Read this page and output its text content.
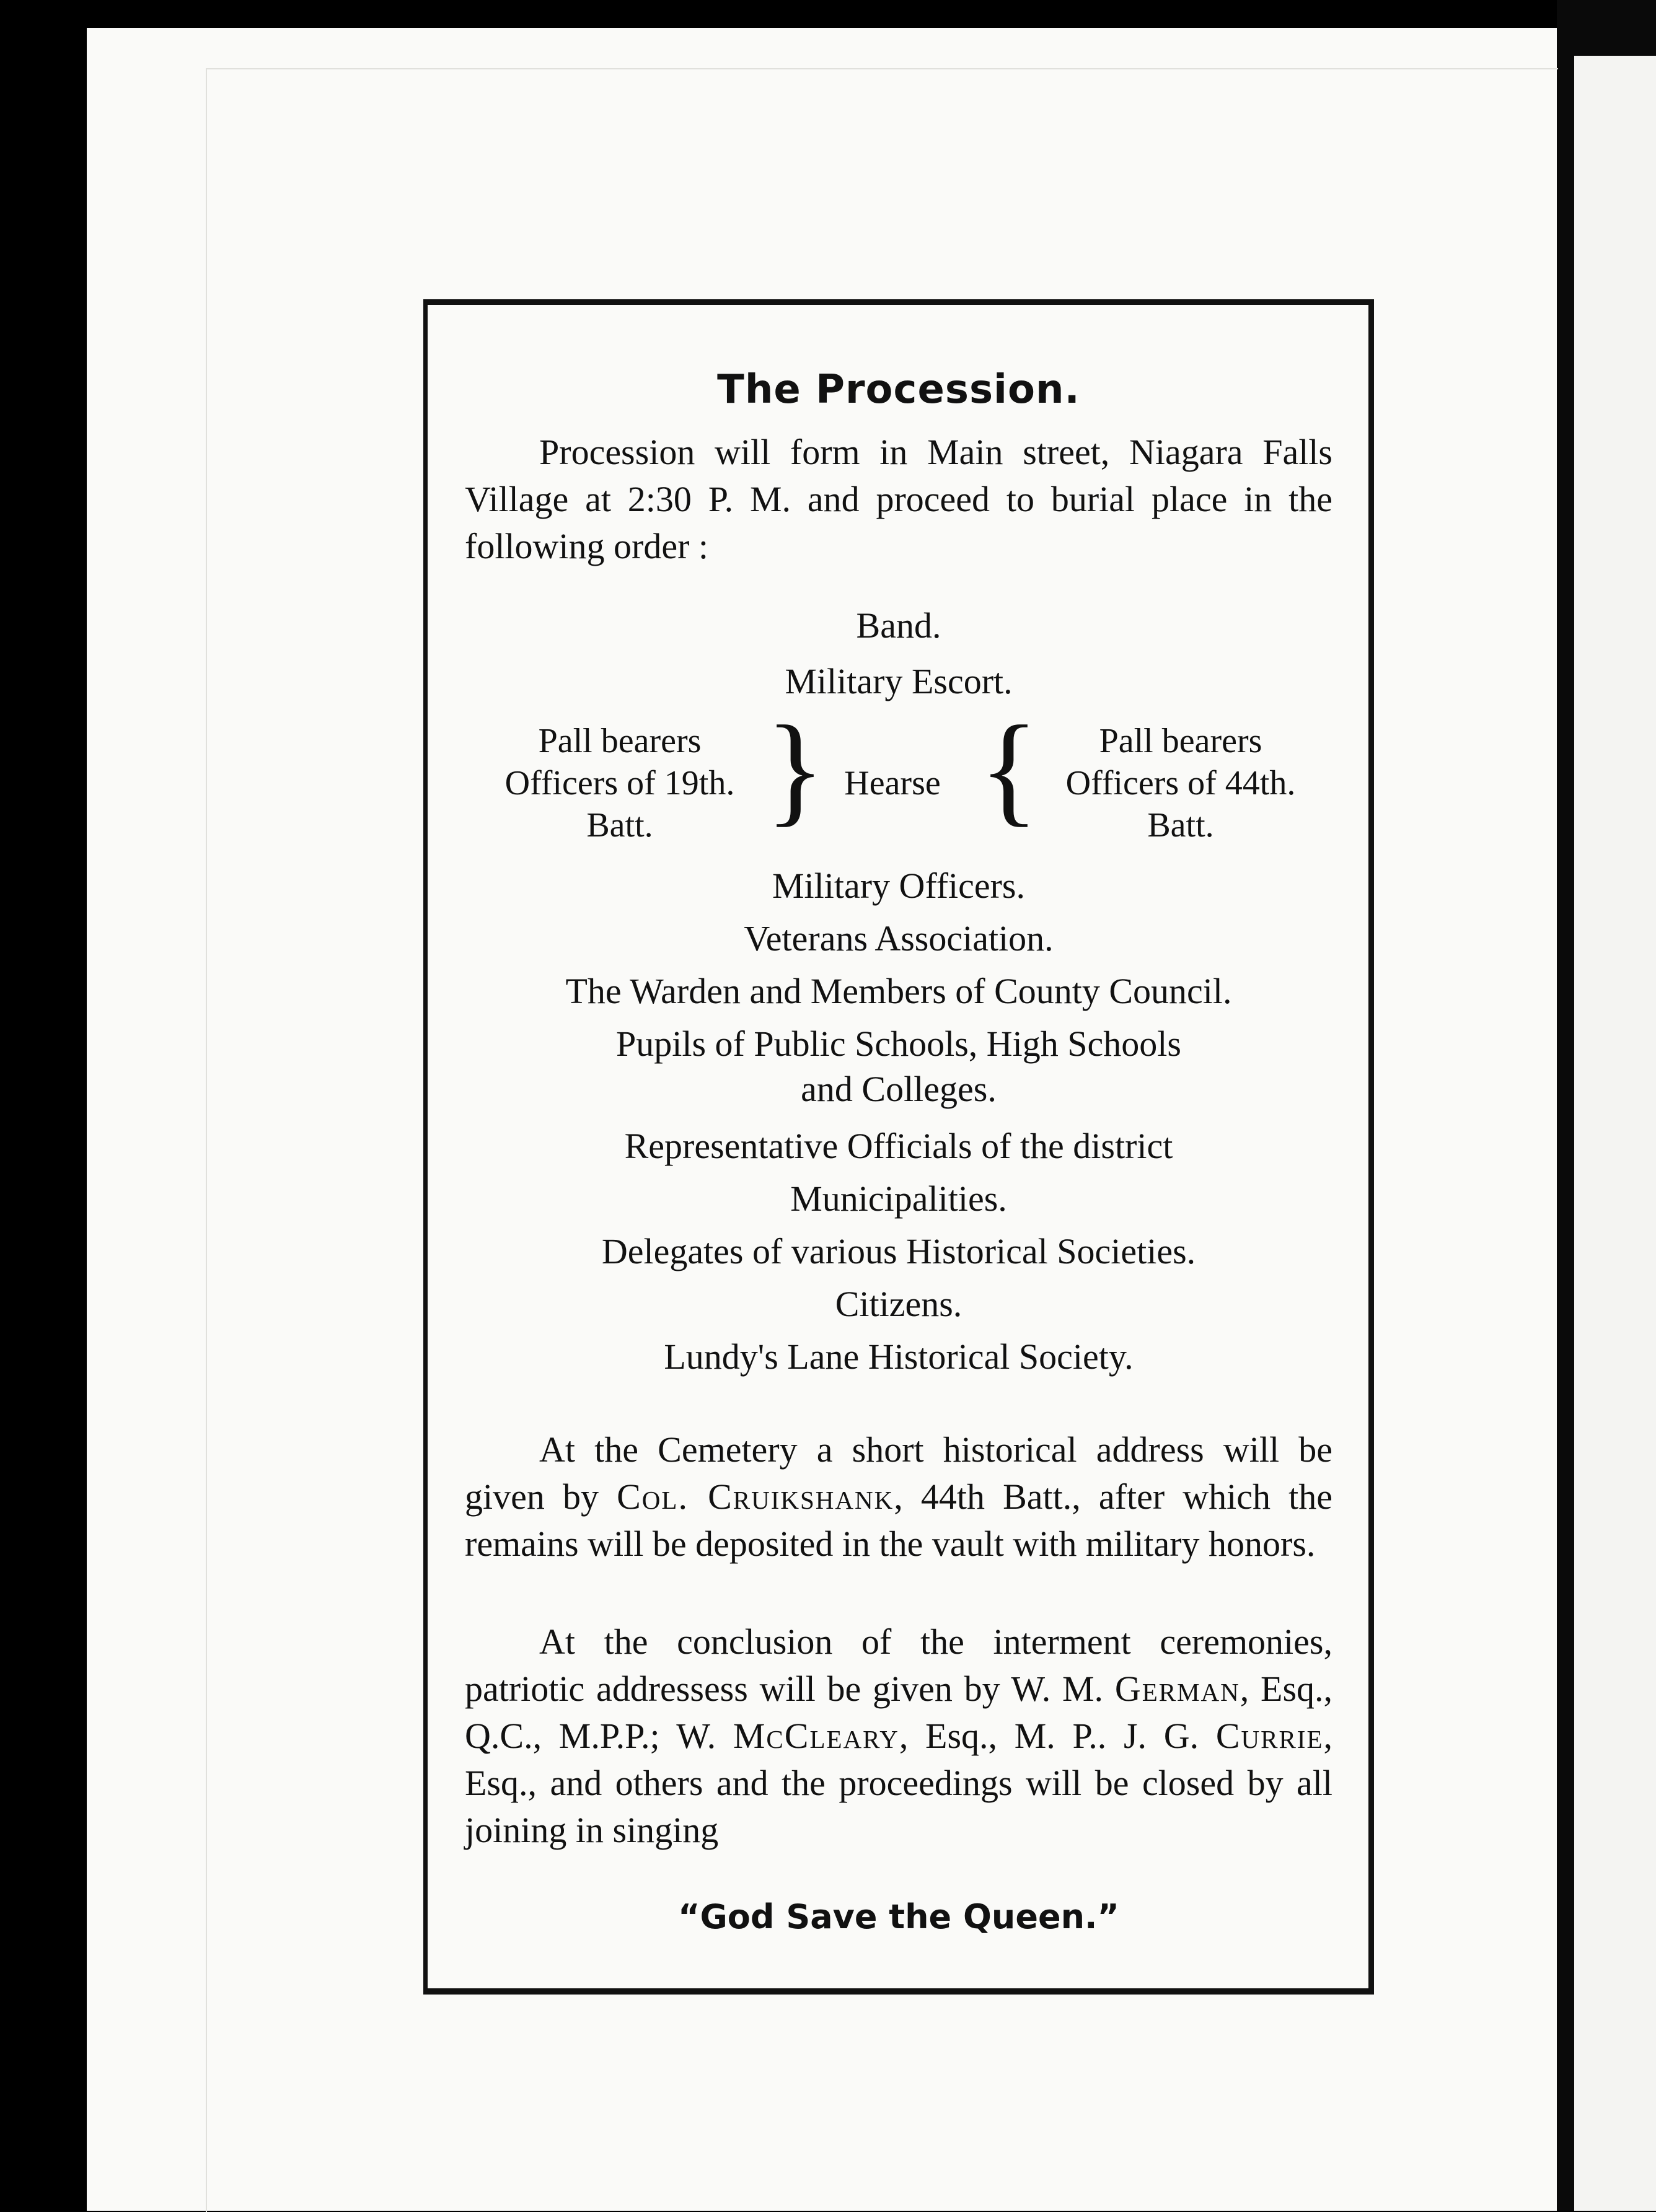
The Procession.
Procession will form in Main street, Niagara Falls Village at 2:30 P. M. and proceed to burial place in the following order :
Band.
Military Escort.
Pall bearers
Officers of 19th.
Batt. } Hearse {	Pall bearers
Officers of 44th.
Batt.
Military Officers.
Veterans Association.
The Warden and Members of County Council.
Pupils of Public Schools, High Schools
and Colleges.
Representative Officials of the district
Municipalities.
Delegates of various Historical Societies.
Citizens.
Lundy's Lane Historical Society.
At the Cemetery a short historical address will be given by Col. Cruikshank, 44th Batt., after which the remains will be deposited in the vault with military honors.
At the conclusion of the interment ceremonies, patriotic addressess will be given by W. M. German, Esq., Q.C., M.P.P.; W. McCleary, Esq., M. P.. J. G. Currie, Esq., and others and the proceedings will be closed by all joining in singing
“God Save the Queen.”
